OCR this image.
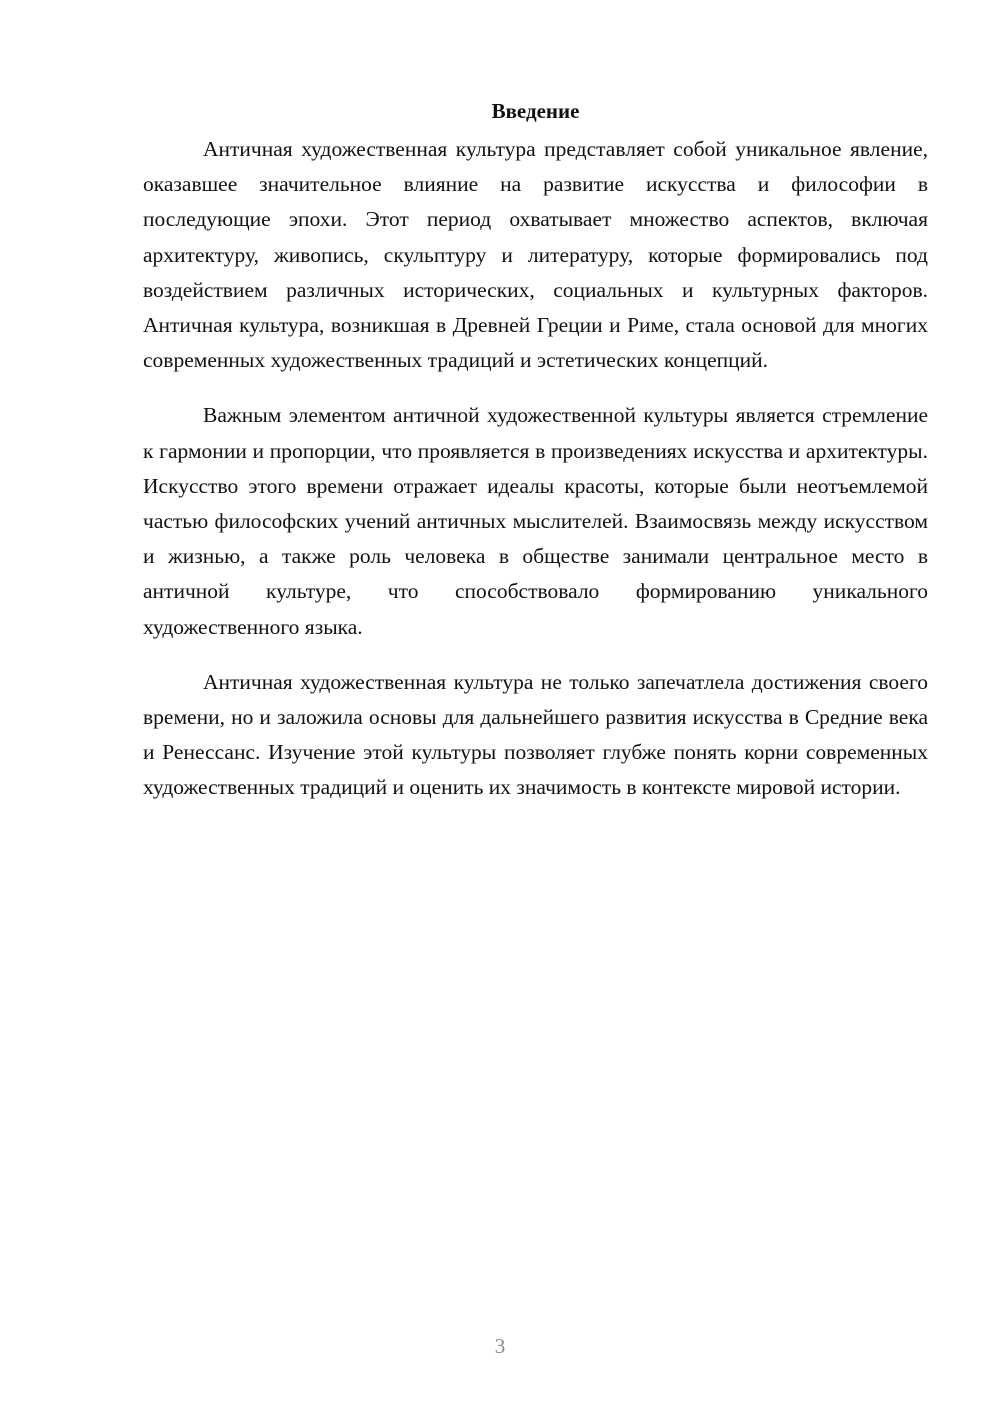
Введение

Античная художественная культура представляет собой уникальное явление, оказавшее значительное влияние на развитие искусства и философии в последующие эпохи. Этот период охватывает множество аспектов, включая архитектуру, живопись, скульптуру и литературу, которые формировались под воздействием различных исторических, социальных и культурных факторов. Античная культура, возникшая в Древней Греции и Риме, стала основой для многих современных художественных традиций и эстетических концепций.

Важным элементом античной художественной культуры является стремление к гармонии и пропорции, что проявляется в произведениях искусства и архитектуры. Искусство этого времени отражает идеалы красоты, которые были неотъемлемой частью философских учений античных мыслителей. Взаимосвязь между искусством и жизнью, а также роль человека в обществе занимали центральное место в античной культуре, что способствовало формированию уникального художественного языка.

Античная художественная культура не только запечатлела достижения своего времени, но и заложила основы для дальнейшего развития искусства в Средние века и Ренессанс. Изучение этой культуры позволяет глубже понять корни современных художественных традиций и оценить их значимость в контексте мировой истории.

3
